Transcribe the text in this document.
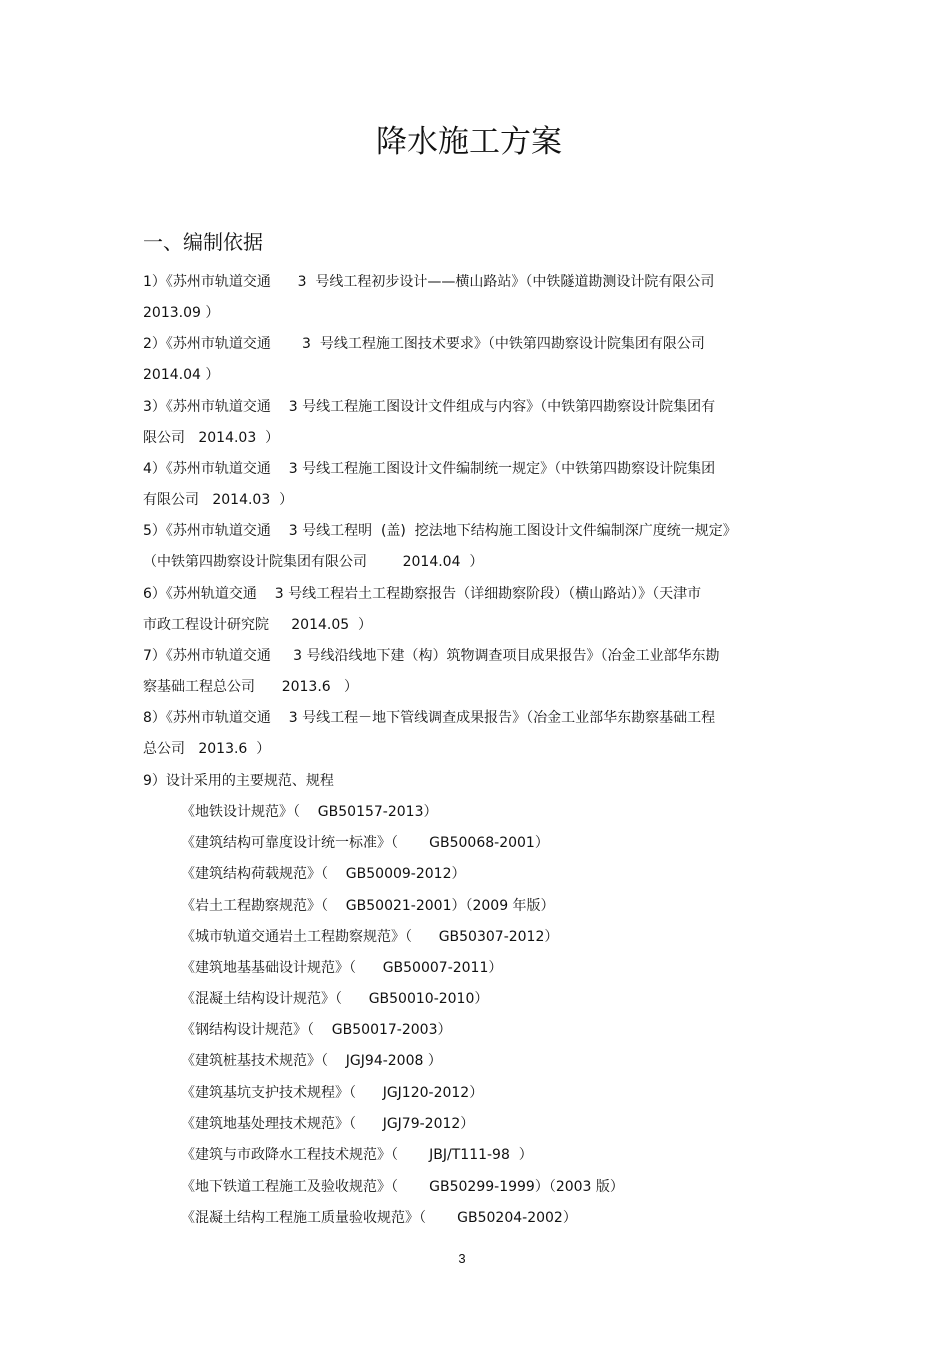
降水施工方案
一、编制依据
1）《苏州市轨道交通      3  号线工程初步设计——横山路站》（中铁隧道勘测设计院有限公司
2013.09 ）
2）《苏州市轨道交通       3  号线工程施工图技术要求》（中铁第四勘察设计院集团有限公司
2014.04 ）
3）《苏州市轨道交通    3 号线工程施工图设计文件组成与内容》（中铁第四勘察设计院集团有
限公司   2014.03  ）
4）《苏州市轨道交通    3 号线工程施工图设计文件编制统一规定》（中铁第四勘察设计院集团
有限公司   2014.03  ）
5）《苏州市轨道交通    3 号线工程明  (盖)  挖法地下结构施工图设计文件编制深广度统一规定》
（中铁第四勘察设计院集团有限公司        2014.04  ）
6）《苏州轨道交通    3 号线工程岩土工程勘察报告（详细勘察阶段）（横山路站）》（天津市
市政工程设计研究院     2014.05  ）
7）《苏州市轨道交通     3 号线沿线地下建（构）筑物调查项目成果报告》（冶金工业部华东勘
察基础工程总公司      2013.6   ）
8）《苏州市轨道交通    3 号线工程－地下管线调查成果报告》（冶金工业部华东勘察基础工程
总公司   2013.6  ）
9）设计采用的主要规范、规程
《地铁设计规范》（    GB50157-2013）
《建筑结构可靠度设计统一标准》（       GB50068-2001）
《建筑结构荷载规范》（    GB50009-2012）
《岩土工程勘察规范》（    GB50021-2001）（2009 年版）
《城市轨道交通岩土工程勘察规范》（      GB50307-2012）
《建筑地基基础设计规范》（      GB50007-2011）
《混凝土结构设计规范》（      GB50010-2010）
《钢结构设计规范》（    GB50017-2003）
《建筑桩基技术规范》（    JGJ94-2008 ）
《建筑基坑支护技术规程》（      JGJ120-2012）
《建筑地基处理技术规范》（      JGJ79-2012）
《建筑与市政降水工程技术规范》（       JBJ/T111-98  ）
《地下铁道工程施工及验收规范》（       GB50299-1999）（2003 版）
《混凝土结构工程施工质量验收规范》（       GB50204-2002）
3
